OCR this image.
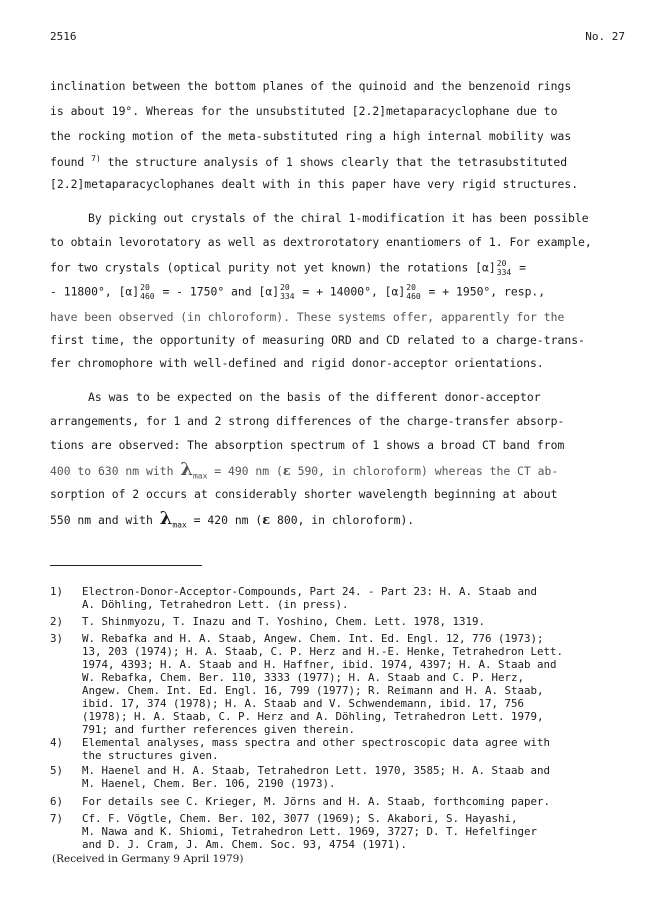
2516	No. 27
inclination between the bottom planes of the quinoid and the benzenoid rings
is about 19°. Whereas for the unsubstituted [2.2]metaparacyclophane due to
the rocking motion of the meta-substituted ring a high internal mobility was
found $^{7)}$ the structure analysis of 1 shows clearly that the tetrasubstituted
[2.2]metaparacyclophanes dealt with in this paper have very rigid structures.
By picking out crystals of the chiral 1-modification it has been possible
to obtain levorotatory as well as dextrorotatory enantiomers of 1. For example,
for two crystals (optical purity not yet known) the rotations [α] 20
334 =
- 11800°, [α] 20
460 = - 1750° and [α] 20
334 = + 14000°, [α] 20
460 = + 1950°, resp.,
have been observed (in chloroform). These systems offer, apparently for the
first time, the opportunity of measuring ORD and CD related to a charge-trans-
fer chromophore with well-defined and rigid donor-acceptor orientations.
As was to be expected on the basis of the different donor-acceptor
arrangements, for 1 and 2 strong differences of the charge-transfer absorp-
tions are observed: The absorption spectrum of 1 shows a broad CT band from
400 to 630 nm with $\lambda_{max} = 490$ nm (ε 590, in chloroform) whereas the CT ab-
sorption of 2 occurs at considerably shorter wavelength beginning at about
550 nm and with $\lambda_{max} = 420$ nm (ε 800, in chloroform).
1) Electron-Donor-Acceptor-Compounds, Part 24. - Part 23: H. A. Staab and
A. Döhling, Tetrahedron Lett. (in press).
2) T. Shinmyozu, T. Inazu and T. Yoshino, Chem. Lett. 1978, 1319.
3) W. Rebafka and H. A. Staab, Angew. Chem. Int. Ed. Engl. 12, 776 (1973);
13, 203 (1974); H. A. Staab, C. P. Herz and H.-E. Henke, Tetrahedron Lett.
1974, 4393; H. A. Staab and H. Haffner, ibid. 1974, 4397; H. A. Staab and
W. Rebafka, Chem. Ber. 110, 3333 (1977); H. A. Staab and C. P. Herz,
Angew. Chem. Int. Ed. Engl. 16, 799 (1977); R. Reimann and H. A. Staab,
ibid. 17, 374 (1978); H. A. Staab and V. Schwendemann, ibid. 17, 756
(1978); H. A. Staab, C. P. Herz and A. Döhling, Tetrahedron Lett. 1979,
791; and further references given therein.
4) Elemental analyses, mass spectra and other spectroscopic data agree with
the structures given.
5) M. Haenel and H. A. Staab, Tetrahedron Lett. 1970, 3585; H. A. Staab and
M. Haenel, Chem. Ber. 106, 2190 (1973).
6) For details see C. Krieger, M. Jörns and H. A. Staab, forthcoming paper.
7) Cf. F. Vögtle, Chem. Ber. 102, 3077 (1969); S. Akabori, S. Hayashi,
M. Nawa and K. Shiomi, Tetrahedron Lett. 1969, 3727; D. T. Hefelfinger
and D. J. Cram, J. Am. Chem. Soc. 93, 4754 (1971).
(Received in Germany 9 April 1979)
